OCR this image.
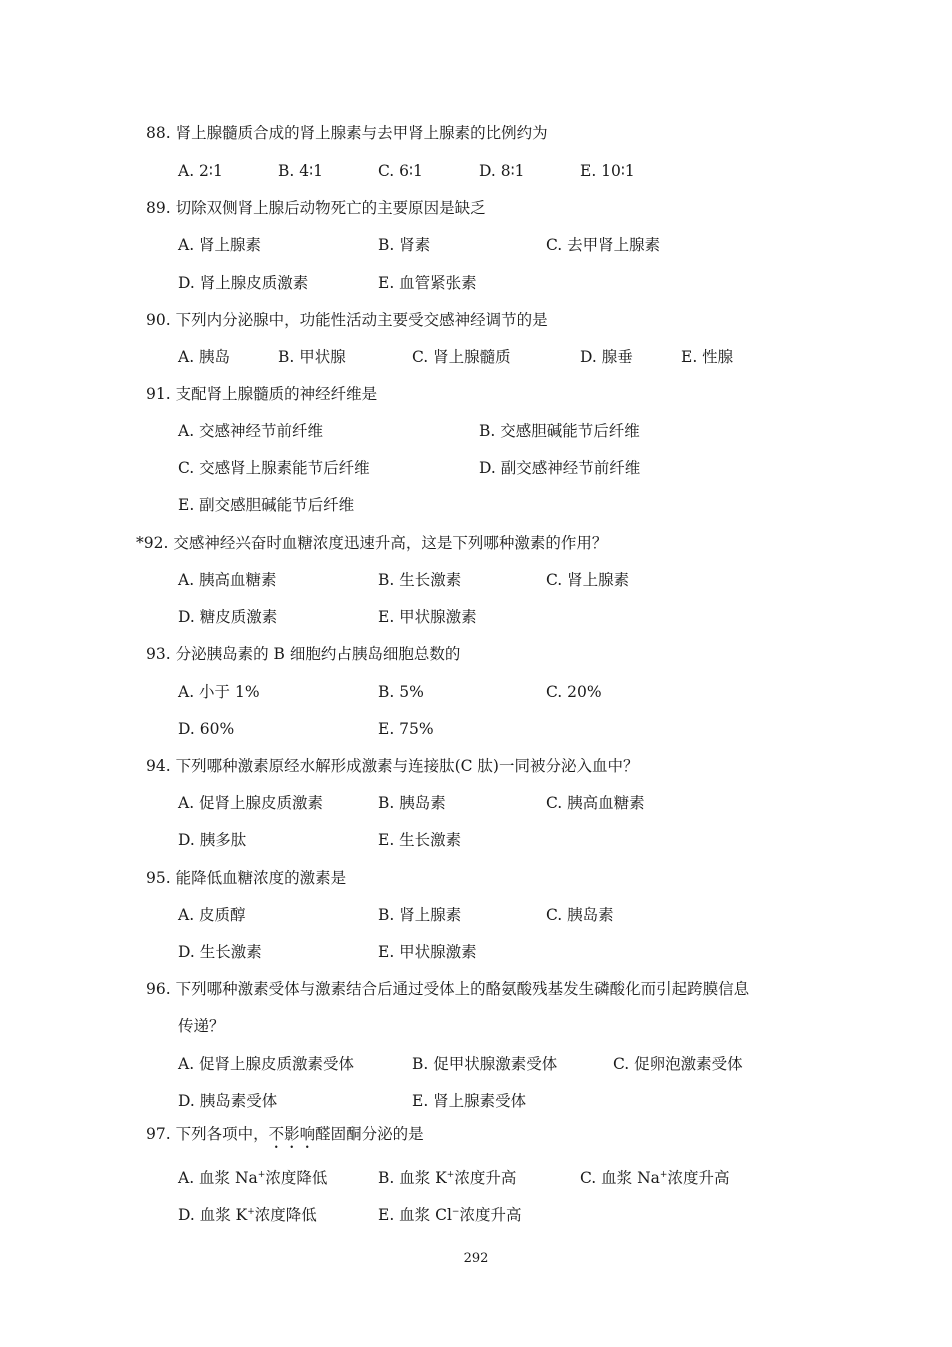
88. 肾上腺髓质合成的肾上腺素与去甲肾上腺素的比例约为
A. 2∶1	B. 4∶1	C. 6∶1	D. 8∶1	E. 10∶1
89. 切除双侧肾上腺后动物死亡的主要原因是缺乏
A. 肾上腺素	B. 肾素	C. 去甲肾上腺素
D. 肾上腺皮质激素	E. 血管紧张素
90. 下列内分泌腺中，功能性活动主要受交感神经调节的是
A. 胰岛	B. 甲状腺	C. 肾上腺髓质	D. 腺垂	E. 性腺
91. 支配肾上腺髓质的神经纤维是
A. 交感神经节前纤维	B. 交感胆碱能节后纤维
C. 交感肾上腺素能节后纤维	D. 副交感神经节前纤维
E. 副交感胆碱能节后纤维
*92. 交感神经兴奋时血糖浓度迅速升高，这是下列哪种激素的作用？
A. 胰高血糖素	B. 生长激素	C. 肾上腺素
D. 糖皮质激素	E. 甲状腺激素
93. 分泌胰岛素的 B 细胞约占胰岛细胞总数的
A. 小于 1%	B. 5%	C. 20%
D. 60%	E. 75%
94. 下列哪种激素原经水解形成激素与连接肽(C 肽)一同被分泌入血中？
A. 促肾上腺皮质激素	B. 胰岛素	C. 胰高血糖素
D. 胰多肽	E. 生长激素
95. 能降低血糖浓度的激素是
A. 皮质醇	B. 肾上腺素	C. 胰岛素
D. 生长激素	E. 甲状腺激素
96. 下列哪种激素受体与激素结合后通过受体上的酪氨酸残基发生磷酸化而引起跨膜信息
传递？
A. 促肾上腺皮质激素受体	B. 促甲状腺激素受体	C. 促卵泡激素受体
D. 胰岛素受体	E. 肾上腺素受体
97. 下列各项中，不影响醛固酮分泌的是
A. 血浆 Na+浓度降低	B. 血浆 K+浓度升高	C. 血浆 Na+浓度升高
D. 血浆 K+浓度降低	E. 血浆 Cl−浓度升高
292
